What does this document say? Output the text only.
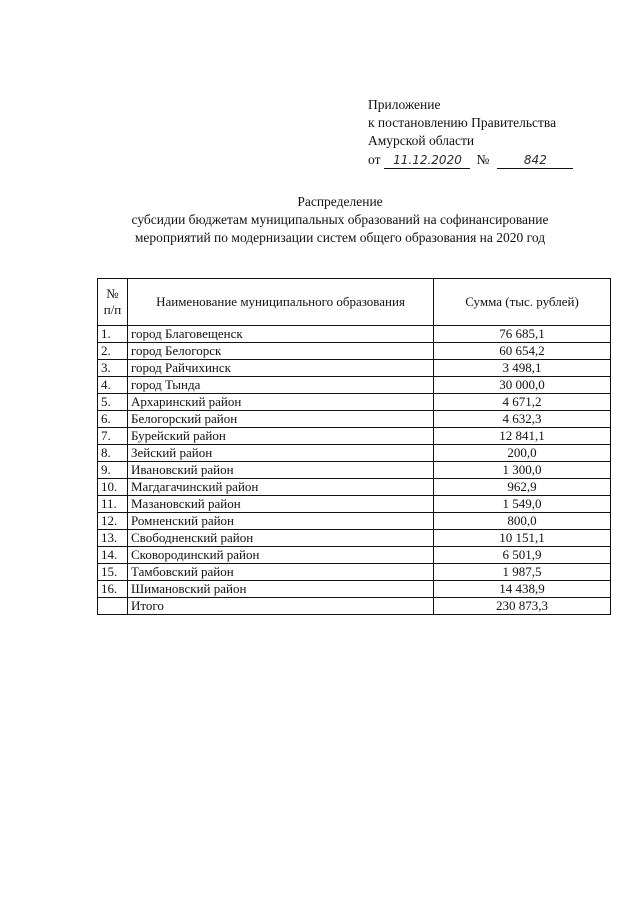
Приложение
к постановлению Правительства
Амурской области
от	11.12.2020	№	842
Распределение
субсидии бюджетам муниципальных образований на софинансирование
мероприятий по модернизации систем общего образования на 2020 год
№ п/п	Наименование муниципального образования	Сумма (тыс. рублей)
1.	город Благовещенск	76 685,1
2.	город Белогорск	60 654,2
3.	город Райчихинск	3 498,1
4.	город Тында	30 000,0
5.	Архаринский район	4 671,2
6.	Белогорский район	4 632,3
7.	Бурейский район	12 841,1
8.	Зейский район	200,0
9.	Ивановский район	1 300,0
10.	Магдагачинский район	962,9
11.	Мазановский район	1 549,0
12.	Ромненский район	800,0
13.	Свободненский район	10 151,1
14.	Сковородинский район	6 501,9
15.	Тамбовский район	1 987,5
16.	Шимановский район	14 438,9
	Итого	230 873,3
